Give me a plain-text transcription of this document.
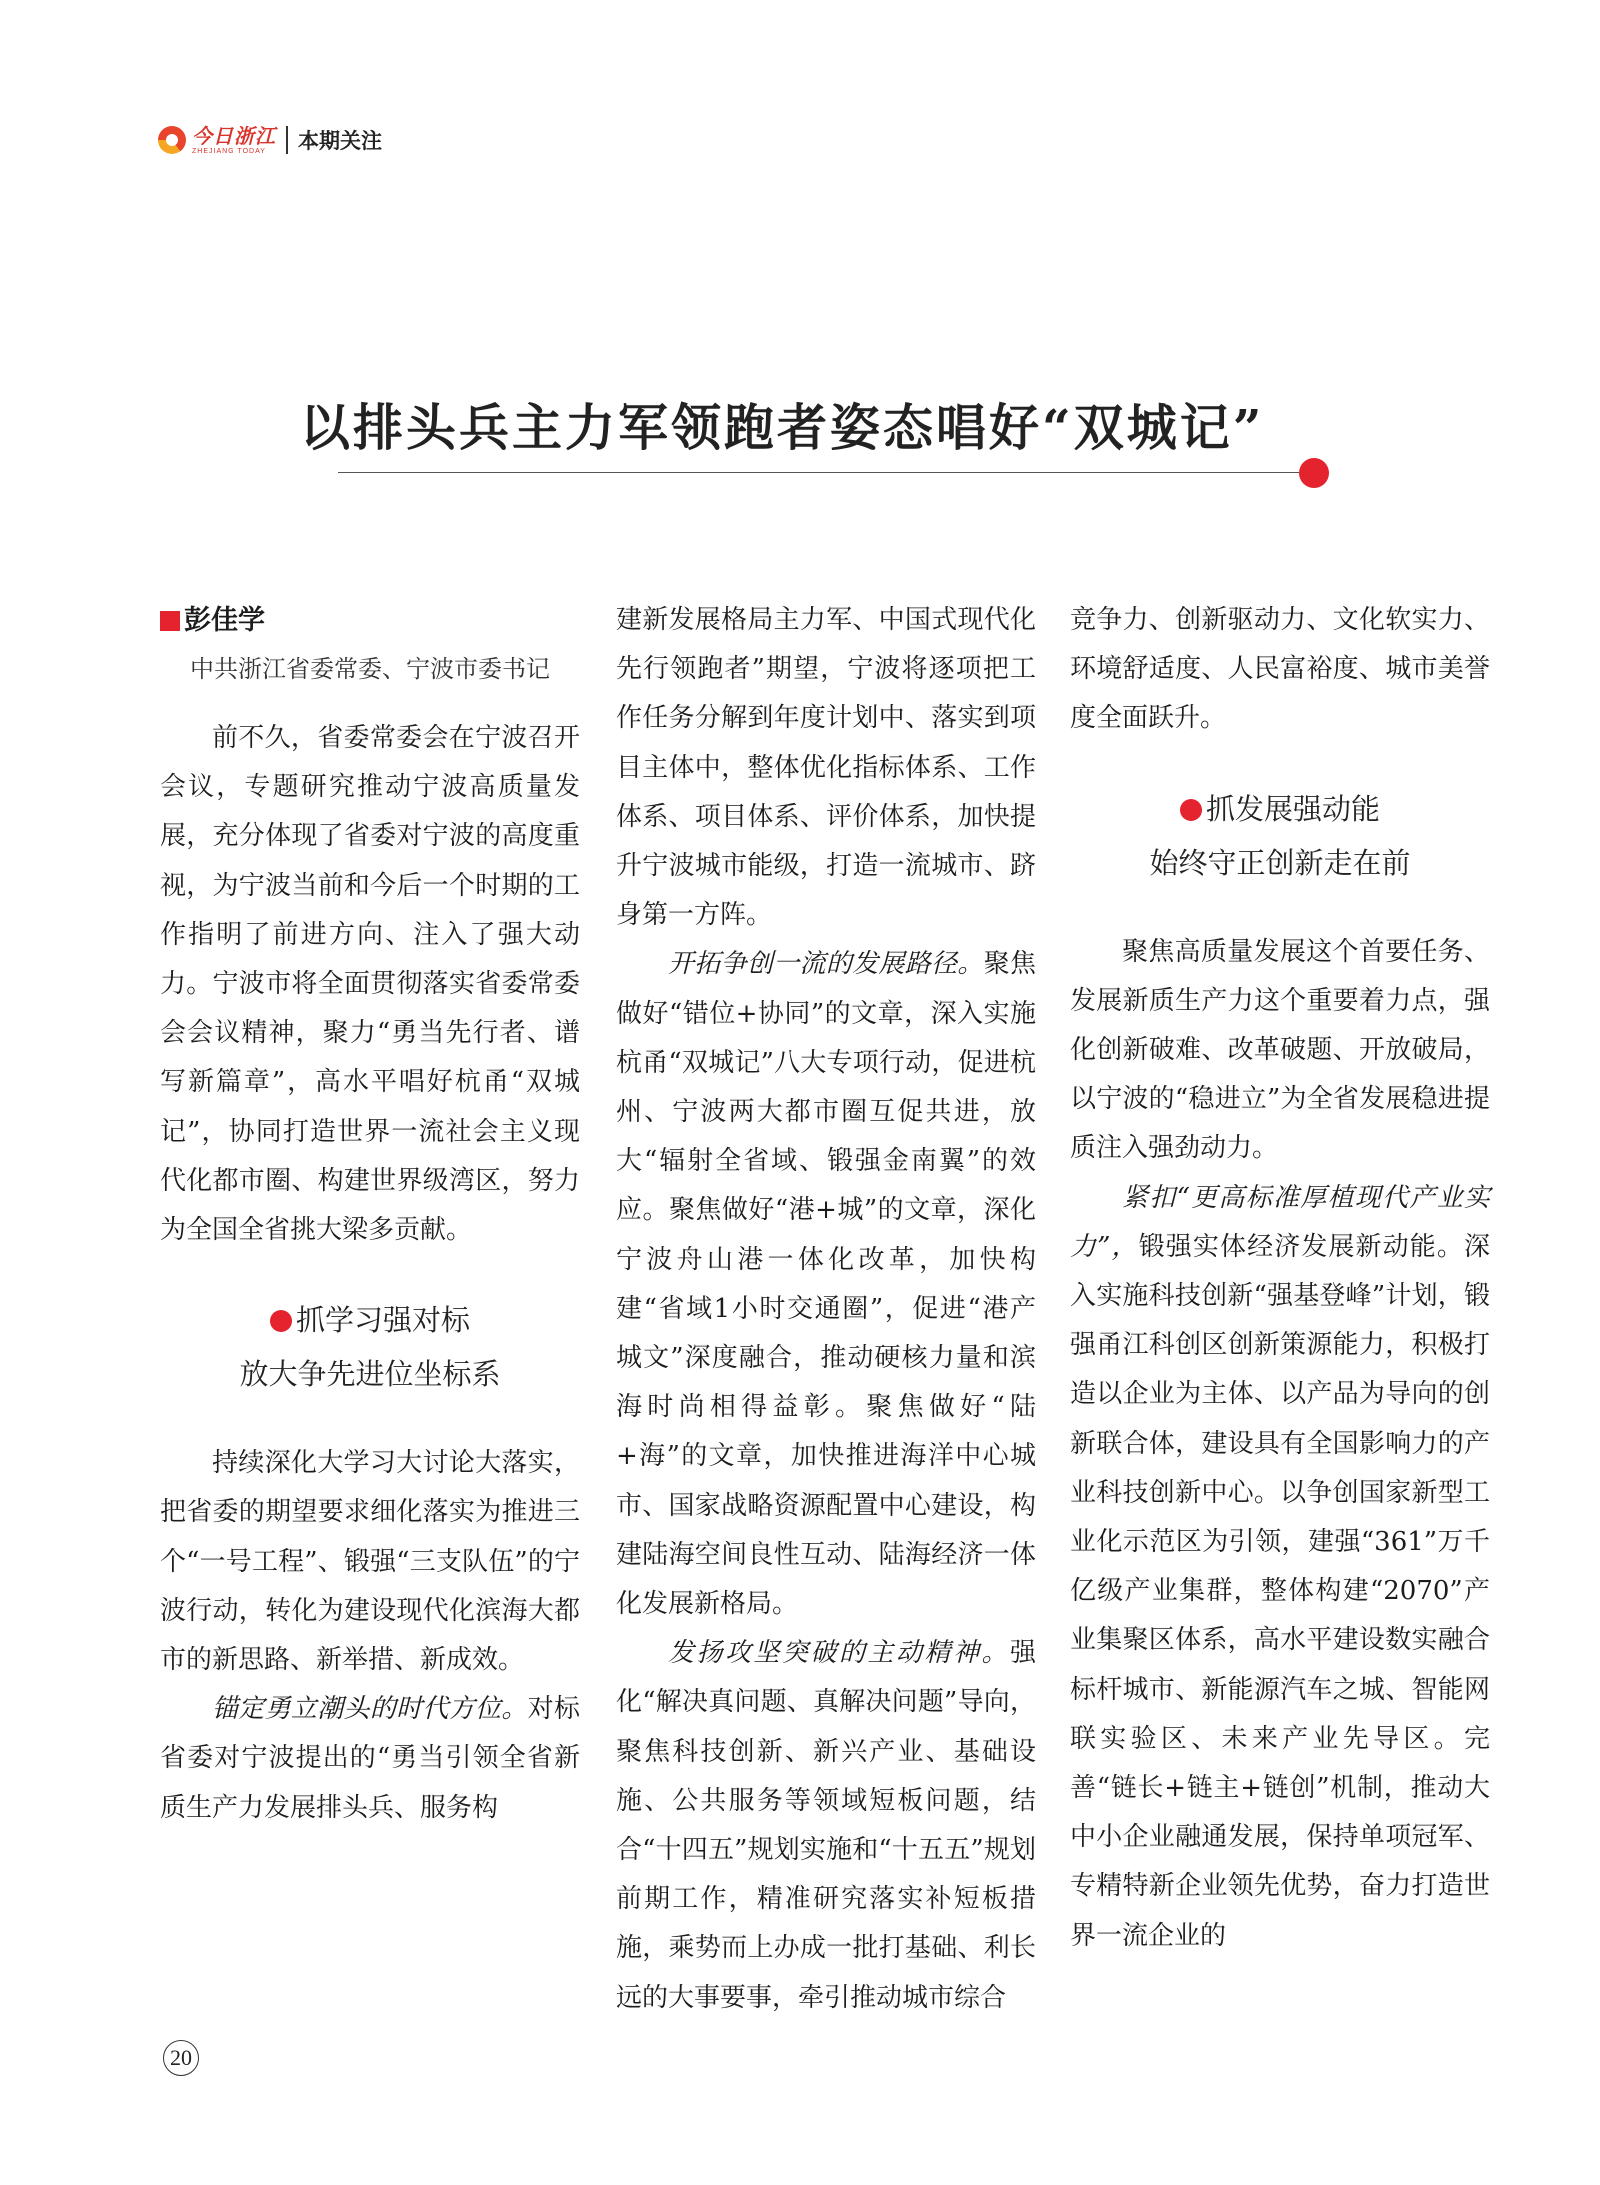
今日浙江
ZHEJIANG TODAY	本期关注
以排头兵主力军领跑者姿态唱好“双城记”
彭佳学
中共浙江省委常委、宁波市委书记

前不久，省委常委会在宁波召开会议，专题研究推动宁波高质量发展，充分体现了省委对宁波的高度重视，为宁波当前和今后一个时期的工作指明了前进方向、注入了强大动力。宁波市将全面贯彻落实省委常委会会议精神，聚力“勇当先行者、谱写新篇章”，高水平唱好杭甬“双城记”，协同打造世界一流社会主义现代化都市圈、构建世界级湾区，努力为全国全省挑大梁多贡献。

抓学习强对标
放大争先进位坐标系

持续深化大学习大讨论大落实，把省委的期望要求细化落实为推进三个“一号工程”、锻强“三支队伍”的宁波行动，转化为建设现代化滨海大都市的新思路、新举措、新成效。

锚定勇立潮头的时代方位。对标省委对宁波提出的“勇当引领全省新质生产力发展排头兵、服务构

建新发展格局主力军、中国式现代化先行领跑者”期望，宁波将逐项把工作任务分解到年度计划中、落实到项目主体中，整体优化指标体系、工作体系、项目体系、评价体系，加快提升宁波城市能级，打造一流城市、跻身第一方阵。

开拓争创一流的发展路径。聚焦做好“错位+协同”的文章，深入实施杭甬“双城记”八大专项行动，促进杭州、宁波两大都市圈互促共进，放大“辐射全省域、锻强金南翼”的效应。聚焦做好“港+城”的文章，深化宁波舟山港一体化改革，加快构建“省域1小时交通圈”，促进“港产城文”深度融合，推动硬核力量和滨海时尚相得益彰。聚焦做好“陆+海”的文章，加快推进海洋中心城市、国家战略资源配置中心建设，构建陆海空间良性互动、陆海经济一体化发展新格局。

发扬攻坚突破的主动精神。强化“解决真问题、真解决问题”导向，聚焦科技创新、新兴产业、基础设施、公共服务等领域短板问题，结合“十四五”规划实施和“十五五”规划前期工作，精准研究落实补短板措施，乘势而上办成一批打基础、利长远的大事要事，牵引推动城市综合

竞争力、创新驱动力、文化软实力、环境舒适度、人民富裕度、城市美誉度全面跃升。

抓发展强动能
始终守正创新走在前

聚焦高质量发展这个首要任务、发展新质生产力这个重要着力点，强化创新破难、改革破题、开放破局，以宁波的“稳进立”为全省发展稳进提质注入强劲动力。

紧扣“更高标准厚植现代产业实力”，锻强实体经济发展新动能。深入实施科技创新“强基登峰”计划，锻强甬江科创区创新策源能力，积极打造以企业为主体、以产品为导向的创新联合体，建设具有全国影响力的产业科技创新中心。以争创国家新型工业化示范区为引领，建强“361”万千亿级产业集群，整体构建“2070”产业集聚区体系，高水平建设数实融合标杆城市、新能源汽车之城、智能网联实验区、未来产业先导区。完善“链长+链主+链创”机制，推动大中小企业融通发展，保持单项冠军、专精特新企业领先优势，奋力打造世界一流企业的

20
